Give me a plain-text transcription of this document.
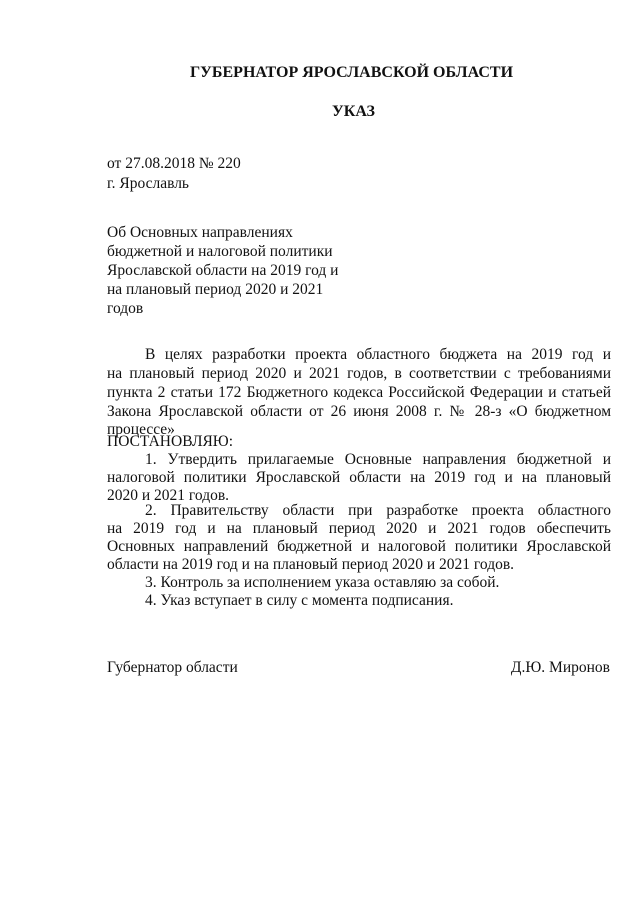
ГУБЕРНАТОР ЯРОСЛАВСКОЙ ОБЛАСТИ
УКАЗ
от 27.08.2018 № 220
г. Ярославль
Об Основных направлениях
бюджетной и налоговой политики
Ярославской области на 2019 год и
на плановый период 2020 и 2021
годов
В целях разработки проекта областного бюджета на 2019 год и
на плановый период 2020 и 2021 годов, в соответствии с требованиями
пункта 2 статьи 172 Бюджетного кодекса Российской Федерации и статьей
Закона Ярославской области от 26 июня 2008 г. № 28-з «О бюджетном
процессе»
ПОСТАНОВЛЯЮ:
1. Утвердить прилагаемые Основные направления бюджетной и
налоговой политики Ярославской области на 2019 год и на плановый
2020 и 2021 годов.
2. Правительству области при разработке проекта областного
на 2019 год и на плановый период 2020 и 2021 годов обеспечить
Основных направлений бюджетной и налоговой политики Ярославской
области на 2019 год и на плановый период 2020 и 2021 годов.
3. Контроль за исполнением указа оставляю за собой.
4. Указ вступает в силу с момента подписания.
Губернатор области	Д.Ю. Миронов
